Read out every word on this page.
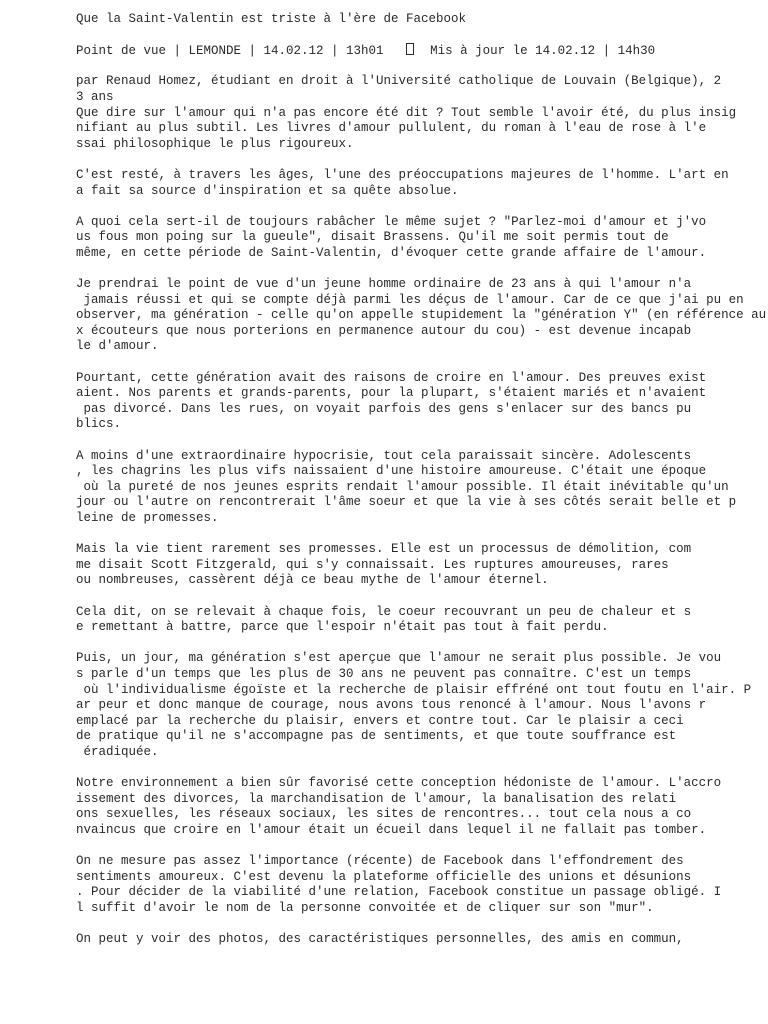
Que la Saint-Valentin est triste à l'ère de Facebook
Point de vue | LEMONDE | 14.02.12 | 13h01     Mis à jour le 14.02.12 | 14h30
par Renaud Homez, étudiant en droit à l'Université catholique de Louvain (Belgique), 2
3 ans
Que dire sur l'amour qui n'a pas encore été dit ? Tout semble l'avoir été, du plus insig
nifiant au plus subtil. Les livres d'amour pullulent, du roman à l'eau de rose à l'e
ssai philosophique le plus rigoureux.
C'est resté, à travers les âges, l'une des préoccupations majeures de l'homme. L'art en
a fait sa source d'inspiration et sa quête absolue.
A quoi cela sert-il de toujours rabâcher le même sujet ? "Parlez-moi d'amour et j'vo
us fous mon poing sur la gueule", disait Brassens. Qu'il me soit permis tout de
même, en cette période de Saint-Valentin, d'évoquer cette grande affaire de l'amour.
Je prendrai le point de vue d'un jeune homme ordinaire de 23 ans à qui l'amour n'a
jamais réussi et qui se compte déjà parmi les déçus de l'amour. Car de ce que j'ai pu en
observer, ma génération - celle qu'on appelle stupidement la "génération Y" (en référence au
x écouteurs que nous porterions en permanence autour du cou) - est devenue incapab
le d'amour.
Pourtant, cette génération avait des raisons de croire en l'amour. Des preuves exist
aient. Nos parents et grands-parents, pour la plupart, s'étaient mariés et n'avaient
pas divorcé. Dans les rues, on voyait parfois des gens s'enlacer sur des bancs pu
blics.
A moins d'une extraordinaire hypocrisie, tout cela paraissait sincère. Adolescents
, les chagrins les plus vifs naissaient d'une histoire amoureuse. C'était une époque
où la pureté de nos jeunes esprits rendait l'amour possible. Il était inévitable qu'un
jour ou l'autre on rencontrerait l'âme soeur et que la vie à ses côtés serait belle et p
leine de promesses.
Mais la vie tient rarement ses promesses. Elle est un processus de démolition, com
me disait Scott Fitzgerald, qui s'y connaissait. Les ruptures amoureuses, rares
ou nombreuses, cassèrent déjà ce beau mythe de l'amour éternel.
Cela dit, on se relevait à chaque fois, le coeur recouvrant un peu de chaleur et s
e remettant à battre, parce que l'espoir n'était pas tout à fait perdu.
Puis, un jour, ma génération s'est aperçue que l'amour ne serait plus possible. Je vou
s parle d'un temps que les plus de 30 ans ne peuvent pas connaître. C'est un temps
où l'individualisme égoïste et la recherche de plaisir effréné ont tout foutu en l'air. P
ar peur et donc manque de courage, nous avons tous renoncé à l'amour. Nous l'avons r
emplacé par la recherche du plaisir, envers et contre tout. Car le plaisir a ceci
de pratique qu'il ne s'accompagne pas de sentiments, et que toute souffrance est
éradiquée.
Notre environnement a bien sûr favorisé cette conception hédoniste de l'amour. L'accro
issement des divorces, la marchandisation de l'amour, la banalisation des relati
ons sexuelles, les réseaux sociaux, les sites de rencontres... tout cela nous a co
nvaincus que croire en l'amour était un écueil dans lequel il ne fallait pas tomber.
On ne mesure pas assez l'importance (récente) de Facebook dans l'effondrement des
sentiments amoureux. C'est devenu la plateforme officielle des unions et désunions
. Pour décider de la viabilité d'une relation, Facebook constitue un passage obligé. I
l suffit d'avoir le nom de la personne convoitée et de cliquer sur son "mur".
On peut y voir des photos, des caractéristiques personnelles, des amis en commun,
